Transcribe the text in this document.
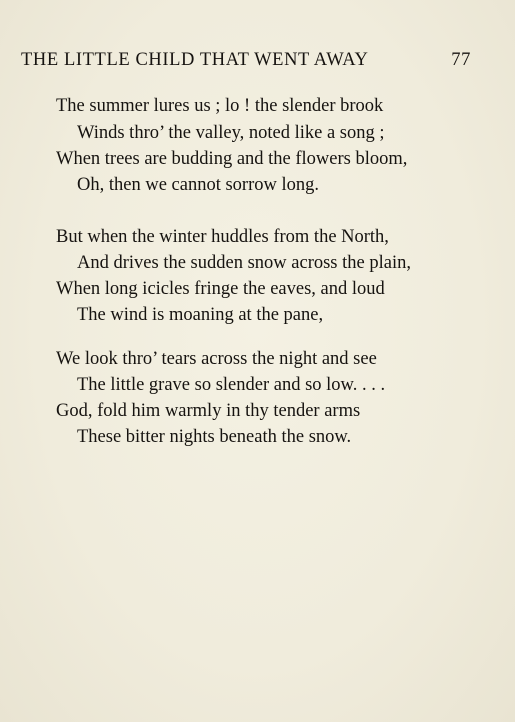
THE LITTLE CHILD THAT WENT AWAY	77
The summer lures us ; lo ! the slender brook
Winds thro’ the valley, noted like a song ;
When trees are budding and the flowers bloom,
Oh, then we cannot sorrow long.
But when the winter huddles from the North,
And drives the sudden snow across the plain,
When long icicles fringe the eaves, and loud
The wind is moaning at the pane,
We look thro’ tears across the night and see
The little grave so slender and so low. . . .
God, fold him warmly in thy tender arms
These bitter nights beneath the snow.
